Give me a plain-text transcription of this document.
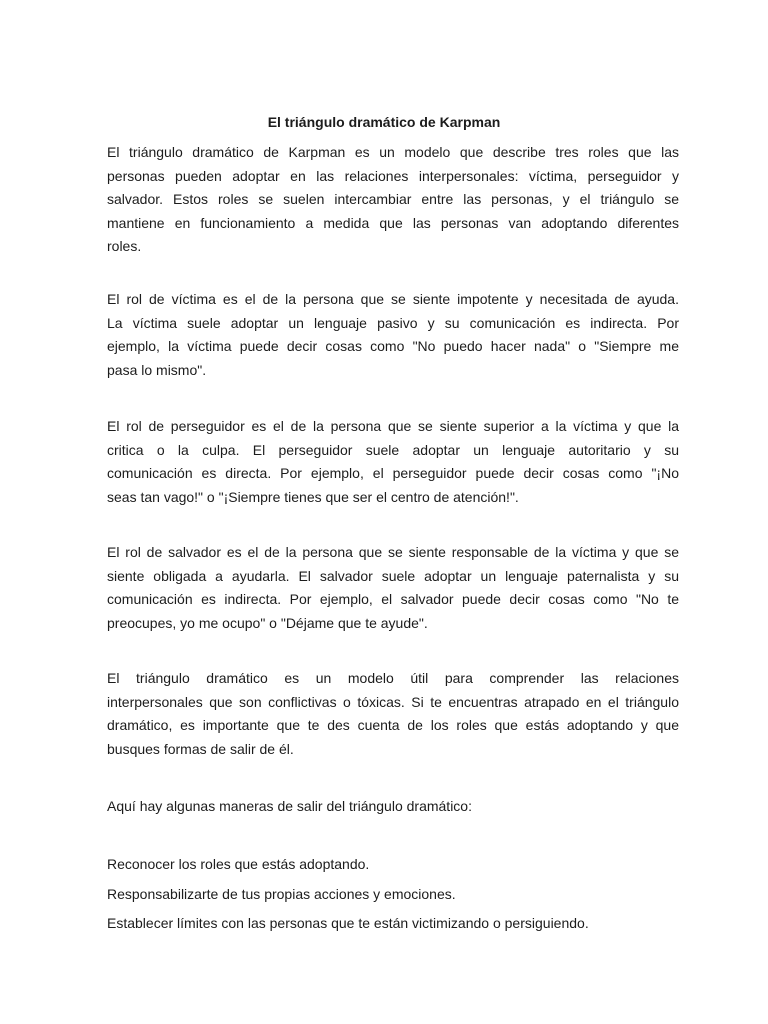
El triángulo dramático de Karpman

El triángulo dramático de Karpman es un modelo que describe tres roles que las
personas pueden adoptar en las relaciones interpersonales: víctima, perseguidor y
salvador. Estos roles se suelen intercambiar entre las personas, y el triángulo se
mantiene en funcionamiento a medida que las personas van adoptando diferentes
roles.

El rol de víctima es el de la persona que se siente impotente y necesitada de ayuda.
La víctima suele adoptar un lenguaje pasivo y su comunicación es indirecta. Por
ejemplo, la víctima puede decir cosas como "No puedo hacer nada" o "Siempre me
pasa lo mismo".

El rol de perseguidor es el de la persona que se siente superior a la víctima y que la
critica o la culpa. El perseguidor suele adoptar un lenguaje autoritario y su
comunicación es directa. Por ejemplo, el perseguidor puede decir cosas como "¡No
seas tan vago!" o "¡Siempre tienes que ser el centro de atención!".

El rol de salvador es el de la persona que se siente responsable de la víctima y que se
siente obligada a ayudarla. El salvador suele adoptar un lenguaje paternalista y su
comunicación es indirecta. Por ejemplo, el salvador puede decir cosas como "No te
preocupes, yo me ocupo" o "Déjame que te ayude".

El triángulo dramático es un modelo útil para comprender las relaciones
interpersonales que son conflictivas o tóxicas. Si te encuentras atrapado en el triángulo
dramático, es importante que te des cuenta de los roles que estás adoptando y que
busques formas de salir de él.

Aquí hay algunas maneras de salir del triángulo dramático:

Reconocer los roles que estás adoptando.

Responsabilizarte de tus propias acciones y emociones.

Establecer límites con las personas que te están victimizando o persiguiendo.
